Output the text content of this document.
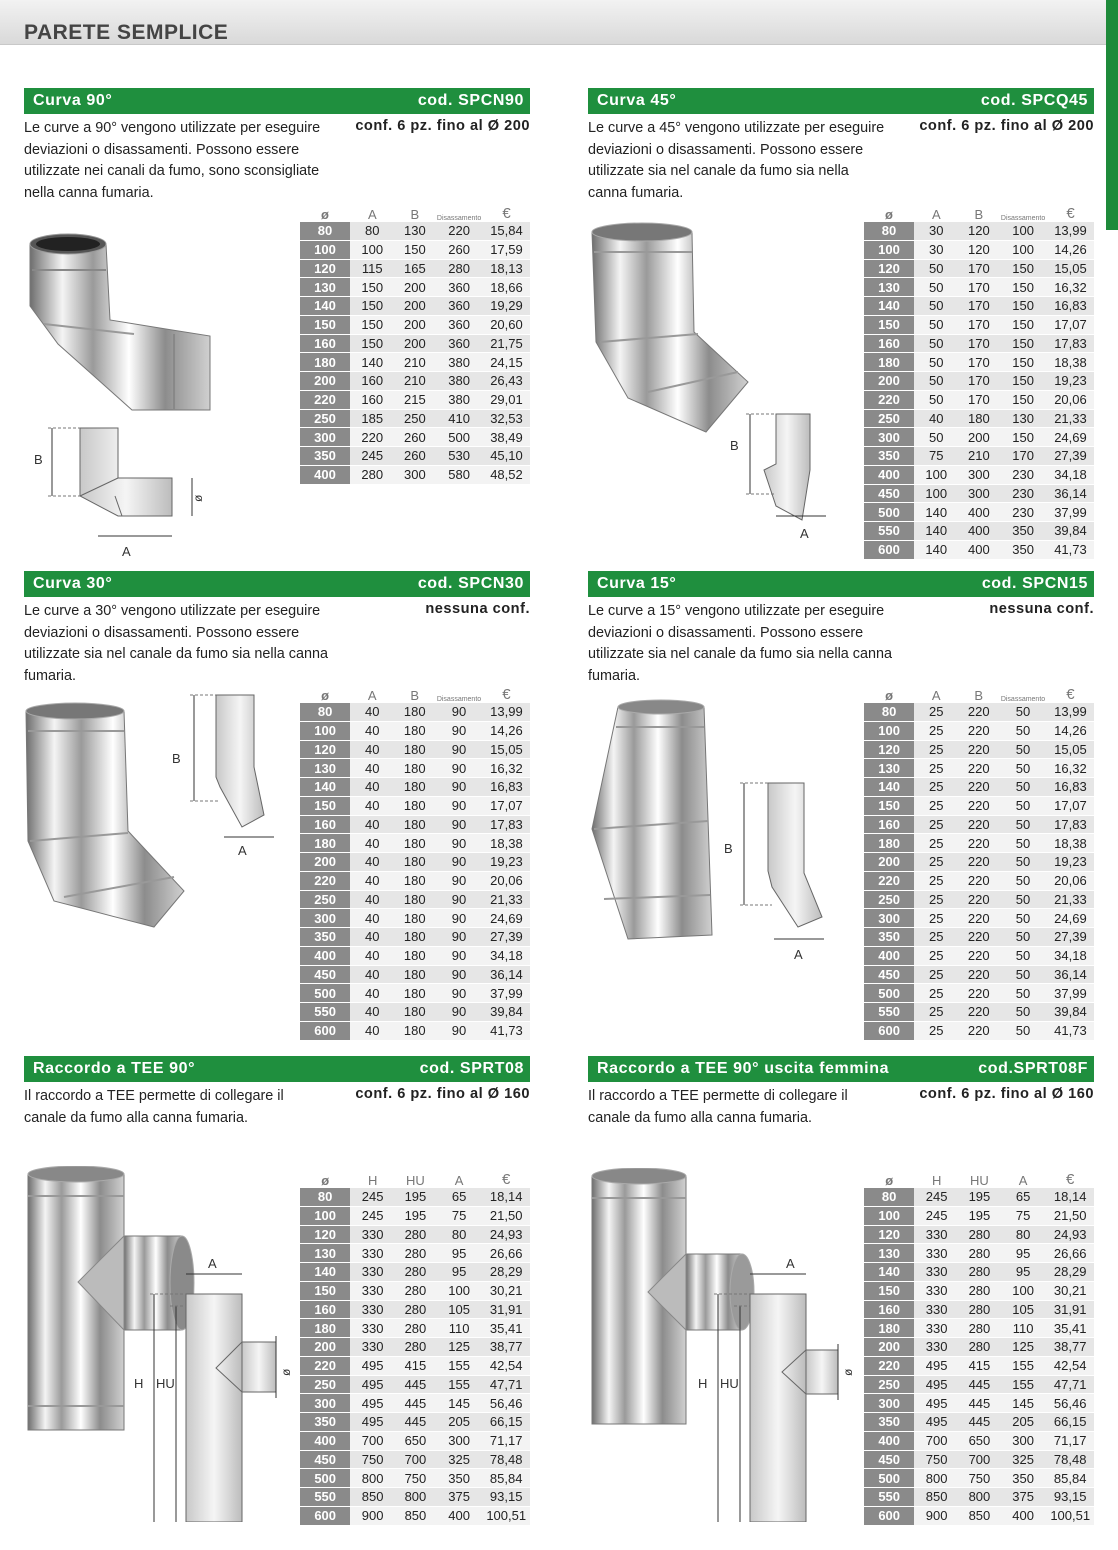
PARETE SEMPLICE
Curva 90°	cod. SPCN90
Le curve a 90° vengono utilizzate per eseguire deviazioni o disassamenti. Possono essere utilizzate nei canali da fumo, sono sconsigliate nella canna fumaria.
conf. 6 pz. fino al Ø 200
B
A
ø
ø	A	B	Disassamento	€
80	80	130	220	15,84
100	100	150	260	17,59
120	115	165	280	18,13
130	150	200	360	18,66
140	150	200	360	19,29
150	150	200	360	20,60
160	150	200	360	21,75
180	140	210	380	24,15
200	160	210	380	26,43
220	160	215	380	29,01
250	185	250	410	32,53
300	220	260	500	38,49
350	245	260	530	45,10
400	280	300	580	48,52
Curva 45°	cod. SPCQ45
Le curve a 45° vengono utilizzate per eseguire deviazioni o disassamenti. Possono essere utilizzate sia nel canale da fumo sia nella canna fumaria.
conf. 6 pz. fino al Ø 200
B
A
ø	A	B	Disassamento	€
80	30	120	100	13,99
100	30	120	100	14,26
120	50	170	150	15,05
130	50	170	150	16,32
140	50	170	150	16,83
150	50	170	150	17,07
160	50	170	150	17,83
180	50	170	150	18,38
200	50	170	150	19,23
220	50	170	150	20,06
250	40	180	130	21,33
300	50	200	150	24,69
350	75	210	170	27,39
400	100	300	230	34,18
450	100	300	230	36,14
500	140	400	230	37,99
550	140	400	350	39,84
600	140	400	350	41,73
Curva 30°	cod. SPCN30
Le curve a 30° vengono utilizzate per eseguire deviazioni o disassamenti. Possono essere utilizzate sia nel canale da fumo sia nella canna fumaria.
nessuna conf.
B
A
ø	A	B	Disassamento	€
80	40	180	90	13,99
100	40	180	90	14,26
120	40	180	90	15,05
130	40	180	90	16,32
140	40	180	90	16,83
150	40	180	90	17,07
160	40	180	90	17,83
180	40	180	90	18,38
200	40	180	90	19,23
220	40	180	90	20,06
250	40	180	90	21,33
300	40	180	90	24,69
350	40	180	90	27,39
400	40	180	90	34,18
450	40	180	90	36,14
500	40	180	90	37,99
550	40	180	90	39,84
600	40	180	90	41,73
Curva 15°	cod. SPCN15
Le curve a 15° vengono utilizzate per eseguire deviazioni o disassamenti. Possono essere utilizzate sia nel canale da fumo sia nella canna fumaria.
nessuna conf.
B
A
ø	A	B	Disassamento	€
80	25	220	50	13,99
100	25	220	50	14,26
120	25	220	50	15,05
130	25	220	50	16,32
140	25	220	50	16,83
150	25	220	50	17,07
160	25	220	50	17,83
180	25	220	50	18,38
200	25	220	50	19,23
220	25	220	50	20,06
250	25	220	50	21,33
300	25	220	50	24,69
350	25	220	50	27,39
400	25	220	50	34,18
450	25	220	50	36,14
500	25	220	50	37,99
550	25	220	50	39,84
600	25	220	50	41,73
Raccordo a TEE 90°	cod. SPRT08
Il raccordo a TEE permette di collegare il canale da fumo alla canna fumaria.
conf. 6 pz. fino al Ø 160
A
H HU
ø
ø	H	HU	A	€
80	245	195	65	18,14
100	245	195	75	21,50
120	330	280	80	24,93
130	330	280	95	26,66
140	330	280	95	28,29
150	330	280	100	30,21
160	330	280	105	31,91
180	330	280	110	35,41
200	330	280	125	38,77
220	495	415	155	42,54
250	495	445	155	47,71
300	495	445	145	56,46
350	495	445	205	66,15
400	700	650	300	71,17
450	750	700	325	78,48
500	800	750	350	85,84
550	850	800	375	93,15
600	900	850	400	100,51
Raccordo a TEE 90° uscita femmina	cod.SPRT08F
Il raccordo a TEE permette di collegare il canale da fumo alla canna fumaria.
conf. 6 pz. fino al Ø 160
A
H HU
ø
ø	H	HU	A	€
80	245	195	65	18,14
100	245	195	75	21,50
120	330	280	80	24,93
130	330	280	95	26,66
140	330	280	95	28,29
150	330	280	100	30,21
160	330	280	105	31,91
180	330	280	110	35,41
200	330	280	125	38,77
220	495	415	155	42,54
250	495	445	155	47,71
300	495	445	145	56,46
350	495	445	205	66,15
400	700	650	300	71,17
450	750	700	325	78,48
500	800	750	350	85,84
550	850	800	375	93,15
600	900	850	400	100,51
